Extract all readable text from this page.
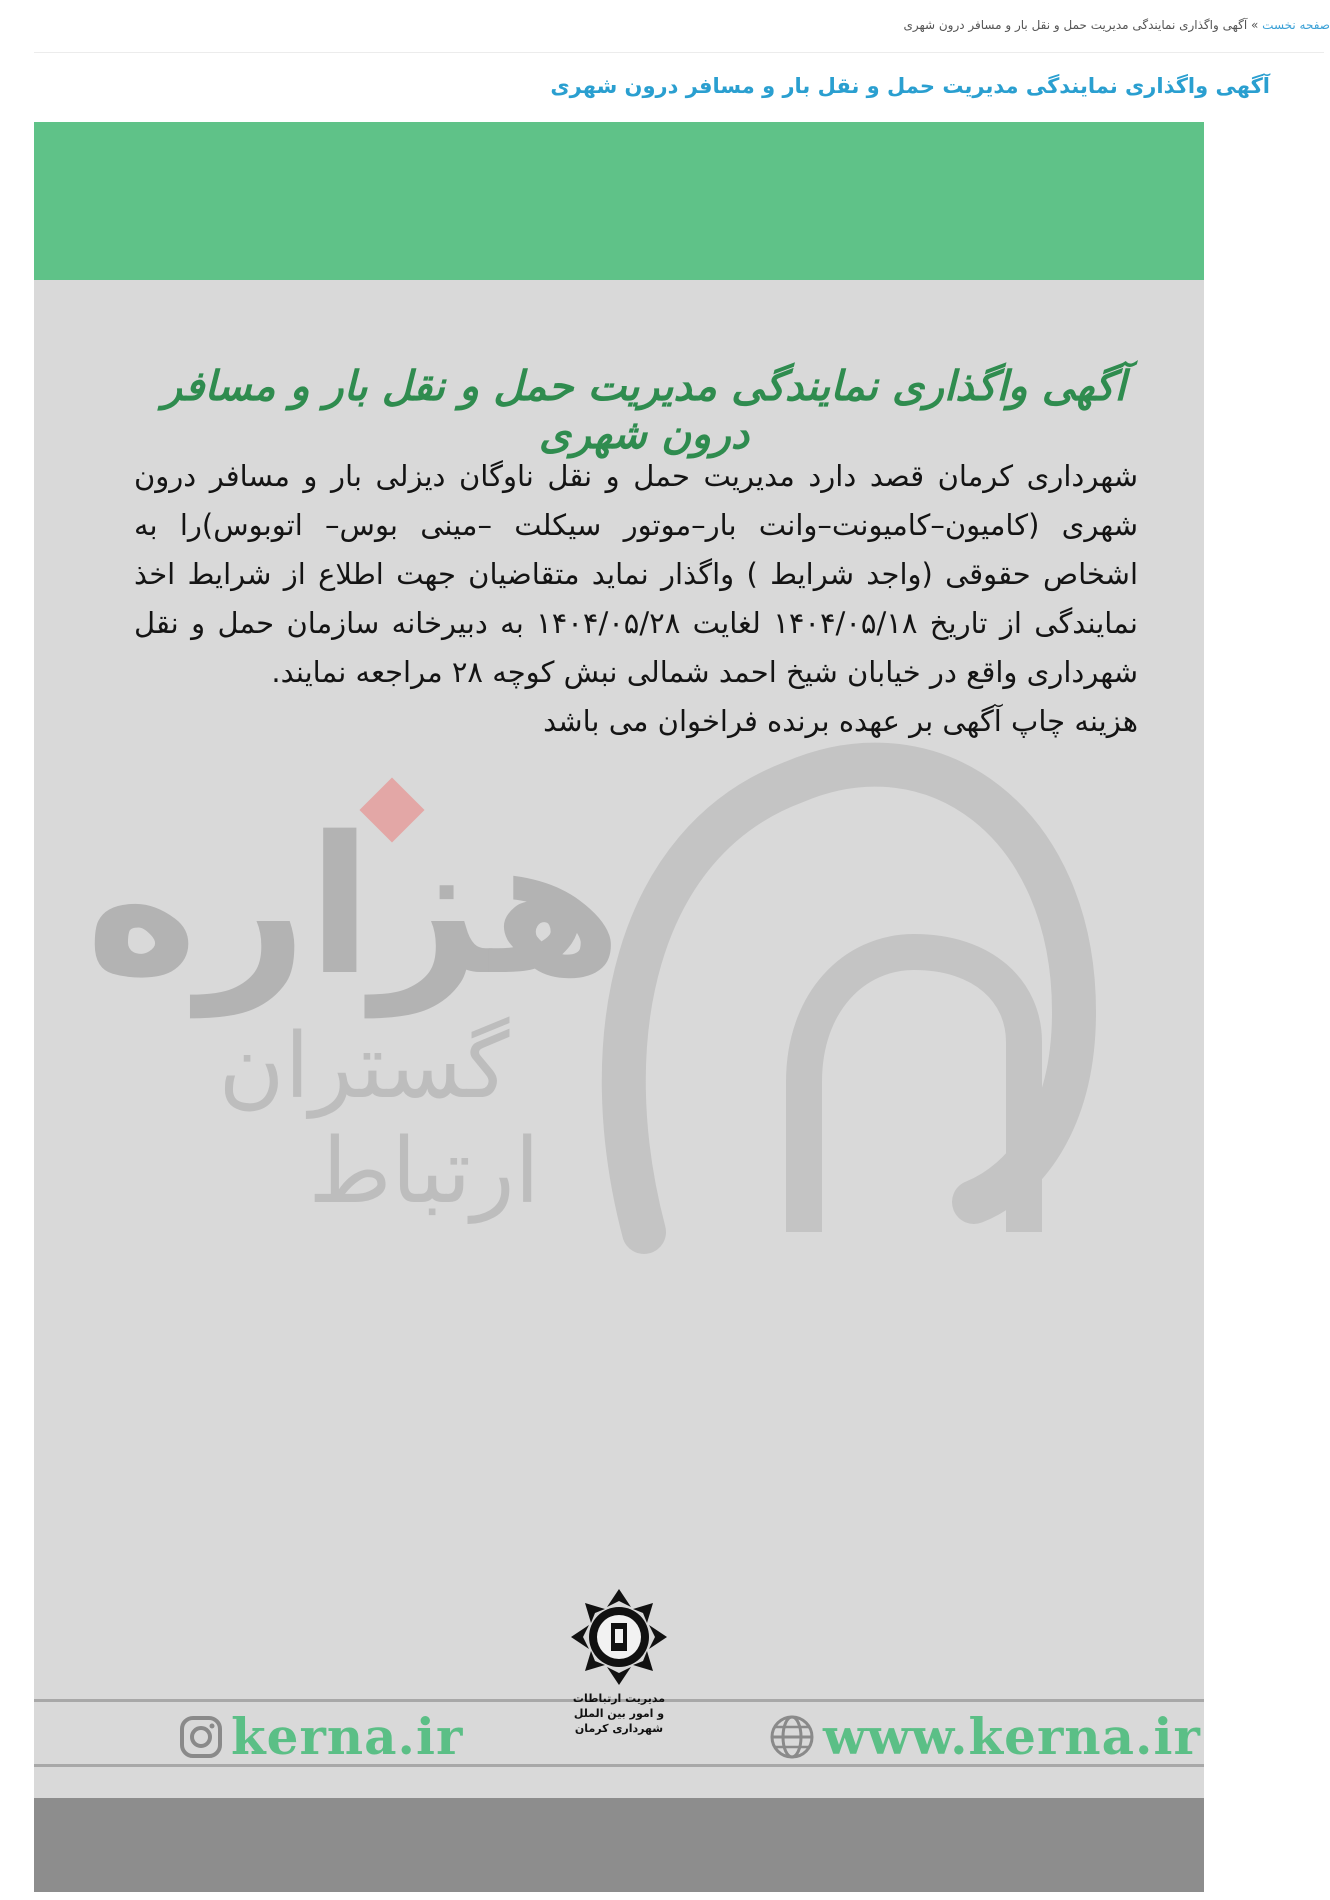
صفحه نخست » آگهی واگذاری نمایندگی مدیریت حمل و نقل بار و مسافر درون شهری
آگهی واگذاری نمایندگی مدیریت حمل و نقل بار و مسافر درون شهری
هزاره
گستران
ارتباط
آگهی واگذاری نمایندگی مدیریت حمل و نقل بار و مسافر درون شهری

شهرداری کرمان قصد دارد مدیریت حمل و نقل ناوگان دیزلی بار و مسافر درون شهری (کامیون–کامیونت–وانت بار–موتور سیکلت –مینی بوس– اتوبوس)را به اشخاص حقوقی (واجد شرایط ) واگذار نماید متقاضیان جهت اطلاع از شرایط اخذ نمایندگی از تاریخ ۱۴۰۴/۰۵/۱۸ لغایت ۱۴۰۴/۰۵/۲۸ به دبیرخانه سازمان حمل و نقل شهرداری واقع در خیابان شیخ احمد شمالی نبش کوچه ۲۸ مراجعه نمایند.

هزینه چاپ آگهی بر عهده برنده فراخوان می باشد

مدیریت ارتباطات
و امور بین الملل
شهرداری کرمان
kerna.ir	www.kerna.ir
